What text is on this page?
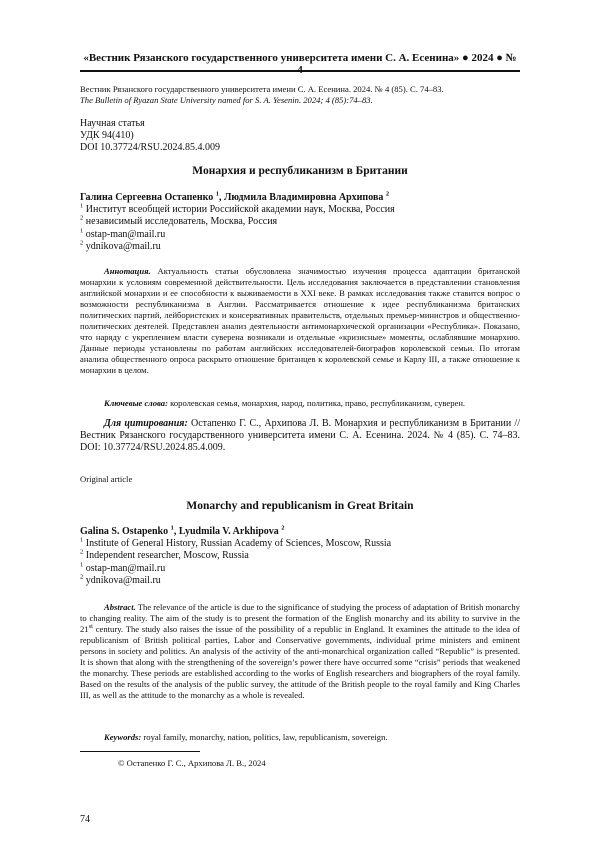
«Вестник Рязанского государственного университета имени С. А. Есенина» ● 2024 ● №

Вестник Рязанского государственного университета имени С. А. Есенина. 2024. № 4 (85). С. 74–83.

The Bulletin of Ryazan State University named for S. A. Yesenin. 2024; 4 (85):74–83.

Научная статья

УДК 94(410)

DOI 10.37724/RSU.2024.85.4.009

Монархия и республиканизм в Британии

Галина Сергеевна Остапенко $^1$, Людмила Владимировна Архипова $^2$

$^1$ Институт всеобщей истории Российской академии наук, Москва, Россия

$^2$ независимый исследователь, Москва, Россия

$^1$ ostap-man@mail.ru

$^2$ ydnikova@mail.ru

Аннотация. Актуальность статьи обусловлена значимостью изучения процесса адаптации британской монархии к условиям современной действительности. Цель исследования заключается в представлении становления английской монархии и ее способности к выживаемости в XXI веке. В рамках исследования также ставится вопрос о возможности республиканизма в Англии. Рассматривается отношение к идее республиканизма британских политических партий, лейбористских и консервативных правительств, отдельных премьер-министров и общественно-политических деятелей. Представлен анализ деятельности антимонархической организации «Республика». Показано, что наряду с укреплением власти суверена возникали и отдельные «кризисные» моменты, ослаблявшие монархию. Данные периоды установлены по работам английских исследователей-биографов королевской семьи. По итогам анализа общественного опроса раскрыто отношение британцев к королевской семье и Карлу III, а также отношение к монархии в целом.

Ключевые слова: королевская семья, монархия, народ, политика, право, республиканизм, суверен.

Для цитирования: Остапенко Г. С., Архипова Л. В. Монархия и республиканизм в Британии // Вестник Рязанского государственного университета имени С. А. Есенина. 2024. № 4 (85). С. 74–83. DOI: 10.37724/RSU.2024.85.4.009.

Original article
Monarchy and republicanism in Great Britain

Galina S. Ostapenko $^1$, Lyudmila V. Arkhipova $^2$

$^1$ Institute of General History, Russian Academy of Sciences, Moscow, Russia

$^2$ Independent researcher, Moscow, Russia

$^1$ ostap-man@mail.ru

$^2$ ydnikova@mail.ru

Abstract. The relevance of the article is due to the significance of studying the process of adaptation of British monarchy to changing reality. The aim of the study is to present the formation of the English monarchy and its ability to survive in the 21st century. The study also raises the issue of the possibility of a republic in England. It examines the attitude to the idea of republicanism of British political parties, Labor and Conservative governments, individual prime ministers and eminent persons in society and politics. An analysis of the activity of the anti-monarchical organization called “Republic” is presented. It is shown that along with the strengthening of the sovereign’s power there have occurred some “crisis” periods that weakened the monarchy. These periods are established according to the works of English researchers and biographers of the royal family. Based on the results of the analysis of the public survey, the attitude of the British people to the royal family and King Charles III, as well as the attitude to the monarchy as a whole is revealed.

Keywords: royal family, monarchy, nation, politics, law, republicanism, sovereign.

© Остапенко Г. С., Архипова Л. В., 2024
74
